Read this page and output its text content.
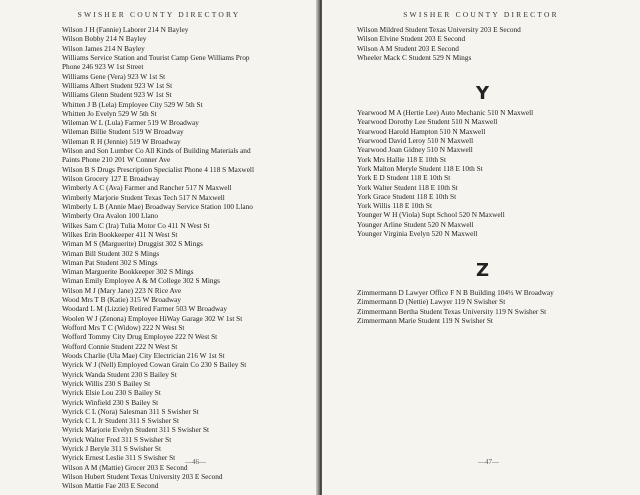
SWISHER COUNTY DIRECTORY	SWISHER COUNTY DIRECTOR
Wilson J H (Fannie) Laborer 214 N Bayley
Wilson Bobby 214 N Bayley
Wilson James 214 N Bayley
Williams Service Station and Tourist Camp Gene Williams Prop
Phone 246 923 W 1st Street
Williams Gene (Vera) 923 W 1st St
Williams Albert Student 923 W 1st St
Williams Glenn Student 923 W 1st St
Whitten J B (Lela) Employee City 529 W 5th St
Whitten Jo Evelyn 529 W 5th St
Wileman W L (Lula) Farmer 519 W Broadway
Wileman Billie Student 519 W Broadway
Wileman R H (Jennie) 519 W Broadway
Wilson and Son Lumber Co All Kinds of Building Materials and
Paints Phone 210 201 W Conner Ave
Wilson B S Drugs Prescription Specialist Phone 4 118 S Maxwell
Wilson Grocery 127 E Broadway
Wimberly A C (Ava) Farmer and Rancher 517 N Maxwell
Wimberly Marjorie Student Texas Tech 517 N Maxwell
Wimberly L B (Annie Mae) Broadway Service Station 100 Llano
Wimberly Ora Avalon 100 Llano
Wilkes Sam C (Ira) Tulia Motor Co 411 N West St
Wilkes Erin Bookkeeper 411 N West St
Wiman M S (Marguerite) Druggist 302 S Mings
Wiman Bill Student 302 S Mings
Wiman Pat Student 302 S Mings
Wiman Marguerite Bookkeeper 302 S Mings
Wiman Emily Employee A & M College 302 S Mings
Wilson M J (Mary Jane) 223 N Rice Ave
Wood Mrs T B (Katie) 315 W Broadway
Woodard L M (Lizzie) Retired Farmer 503 W Broadway
Woolen W J (Zenona) Employee HiWay Garage 302 W 1st St
Wofford Mrs T C (Widow) 222 N West St
Wofford Tommy City Drug Employee 222 N West St
Wofford Connie Student 222 N West St
Woods Charlie (Ula Mae) City Electrician 216 W 1st St
Wyrick W J (Nell) Employed Cowan Grain Co 230 S Bailey St
Wyrick Wanda Student 230 S Bailey St
Wyrick Willis 230 S Bailey St
Wyrick Elsie Lou 230 S Bailey St
Wyrick Winfield 230 S Bailey St
Wyrick C L (Nora) Salesman 311 S Swisher St
Wyrick C L Jr Student 311 S Swisher St
Wyrick Marjorie Evelyn Student 311 S Swisher St
Wyrick Walter Fred 311 S Swisher St
Wyrick J Beryle 311 S Swisher St
Wyrick Ernest Leslie 311 S Swisher St
Wilson A M (Mattie) Grocer 203 E Second
Wilson Hubert Student Texas University 203 E Second
Wilson Mattie Fae 203 E Second
Wilson Mildred Student Texas University 203 E Second
Wilson Elvine Student 203 E Second
Wilson A M Student 203 E Second
Wheeler Mack C Student 529 N Mings
Y
Yearwood M A (Hertie Lee) Auto Mechanic 510 N Maxwell
Yearwood Dorothy Lee Student 510 N Maxwell
Yearwood Harold Hampton 510 N Maxwell
Yearwood David Leroy 510 N Maxwell
Yearwood Joan Gidney 510 N Maxwell
York Mrs Hallie 118 E 10th St
York Malton Meryle Student 118 E 10th St
York E D Student 118 E 10th St
York Walter Student 118 E 10th St
York Grace Student 118 E 10th St
York Willis 118 E 10th St
Younger W H (Viola) Supt School 520 N Maxwell
Younger Arline Student 520 N Maxwell
Younger Virginia Evelyn 520 N Maxwell
Z
Zimmermann D Lawyer Office F N B Building 104½ W Broadway
Zimmermann D (Nettie) Lawyer 119 N Swisher St
Zimmermann Bertha Student Texas University 119 N Swisher St
Zimmermann Marie Student 119 N Swisher St
—46—	—47—
